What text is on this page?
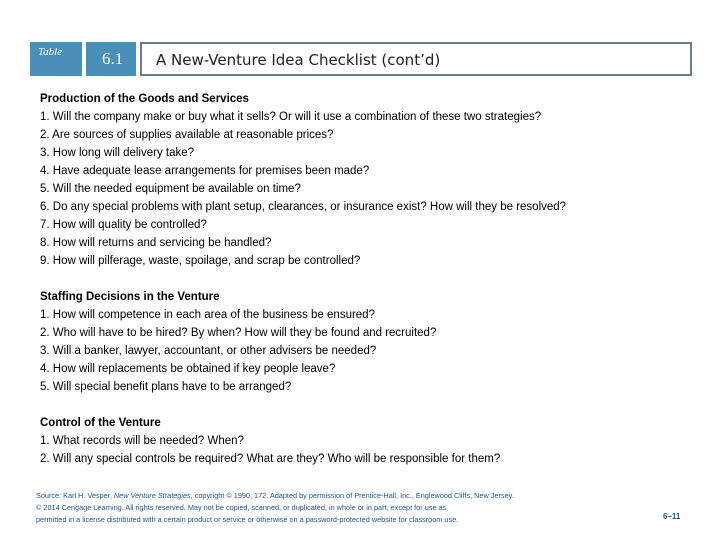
Table	6.1	A New-Venture Idea Checklist (cont’d)
Production of the Goods and Services
1. Will the company make or buy what it sells? Or will it use a combination of these two strategies?
2. Are sources of supplies available at reasonable prices?
3. How long will delivery take?
4. Have adequate lease arrangements for premises been made?
5. Will the needed equipment be available on time?
6. Do any special problems with plant setup, clearances, or insurance exist? How will they be resolved?
7. How will quality be controlled?
8. How will returns and servicing be handled?
9. How will pilferage, waste, spoilage, and scrap be controlled?
Staffing Decisions in the Venture
1. How will competence in each area of the business be ensured?
2. Who will have to be hired? By when? How will they be found and recruited?
3. Will a banker, lawyer, accountant, or other advisers be needed?
4. How will replacements be obtained if key people leave?
5. Will special benefit plans have to be arranged?
Control of the Venture
1. What records will be needed? When?
2. Will any special controls be required? What are they? Who will be responsible for them?
Source: Karl H. Vesper, New Venture Strategies, copyright © 1990, 172. Adapted by permission of Prentice-Hall, Inc., Englewood Cliffs, New Jersey.
© 2014 Cengage Learning. All rights reserved. May not be copied, scanned, or duplicated, in whole or in part, except for use as
permitted in a license distributed with a certain product or service or otherwise on a password-protected website for classroom use.	6–11
